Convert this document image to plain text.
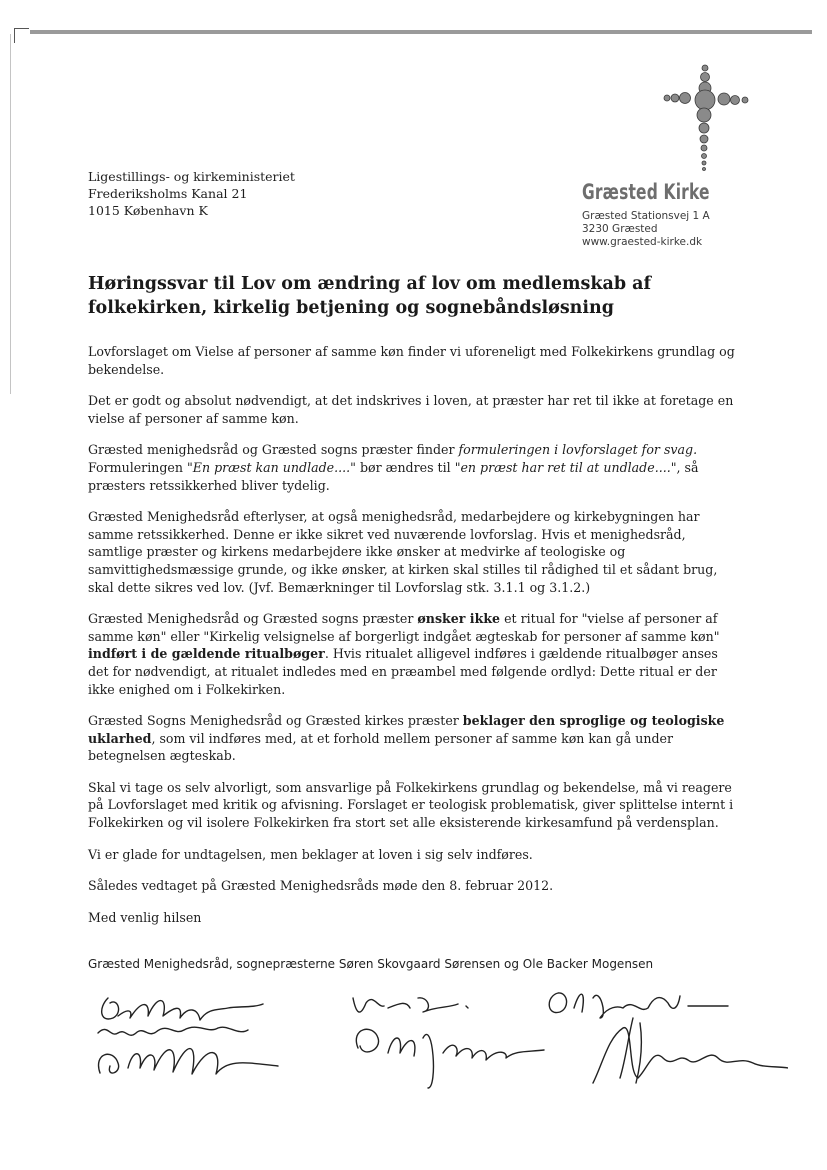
Ligestillings- og kirkeministeriet
Frederiksholms Kanal 21
1015 København K
Græsted Kirke
Græsted Stationsvej 1 A
3230 Græsted
www.graested-kirke.dk
Høringssvar til Lov om ændring af lov om medlemskab af folkekirken, kirkelig betjening og sognebåndsløsning

Lovforslaget om Vielse af personer af samme køn finder vi uforeneligt med Folkekirkens grundlag og bekendelse.

Det er godt og absolut nødvendigt, at det indskrives i loven, at præster har ret til ikke at foretage en vielse af personer af samme køn.

Græsted menighedsråd og Græsted sogns præster finder formuleringen i lovforslaget for svag. Formuleringen "En præst kan undlade...." bør ændres til "en præst har ret til at undlade....", så præsters retssikkerhed bliver tydelig.

Græsted Menighedsråd efterlyser, at også menighedsråd, medarbejdere og kirkebygningen har samme retssikkerhed. Denne er ikke sikret ved nuværende lovforslag. Hvis et menighedsråd, samtlige præster og kirkens medarbejdere ikke ønsker at medvirke af teologiske og samvittighedsmæssige grunde, og ikke ønsker, at kirken skal stilles til rådighed til et sådant brug, skal dette sikres ved lov. (Jvf. Bemærkninger til Lovforslag stk. 3.1.1 og 3.1.2.)

Græsted Menighedsråd og Græsted sogns præster ønsker ikke et ritual for "vielse af personer af samme køn" eller "Kirkelig velsignelse af borgerligt indgået ægteskab for personer af samme køn" indført i de gældende ritualbøger. Hvis ritualet alligevel indføres i gældende ritualbøger anses det for nødvendigt, at ritualet indledes med en præambel med følgende ordlyd: Dette ritual er der ikke enighed om i Folkekirken.

Græsted Sogns Menighedsråd og Græsted kirkes præster beklager den sproglige og teologiske uklarhed, som vil indføres med, at et forhold mellem personer af samme køn kan gå under betegnelsen ægteskab.

Skal vi tage os selv alvorligt, som ansvarlige på Folkekirkens grundlag og bekendelse, må vi reagere på Lovforslaget med kritik og afvisning. Forslaget er teologisk problematisk, giver splittelse internt i Folkekirken og vil isolere Folkekirken fra stort set alle eksisterende kirkesamfund på verdensplan.

Vi er glade for undtagelsen, men beklager at loven i sig selv indføres.

Således vedtaget på Græsted Menighedsråds møde den 8. februar 2012.

Med venlig hilsen

Græsted Menighedsråd, sognepræsterne Søren Skovgaard Sørensen og Ole Backer Mogensen
